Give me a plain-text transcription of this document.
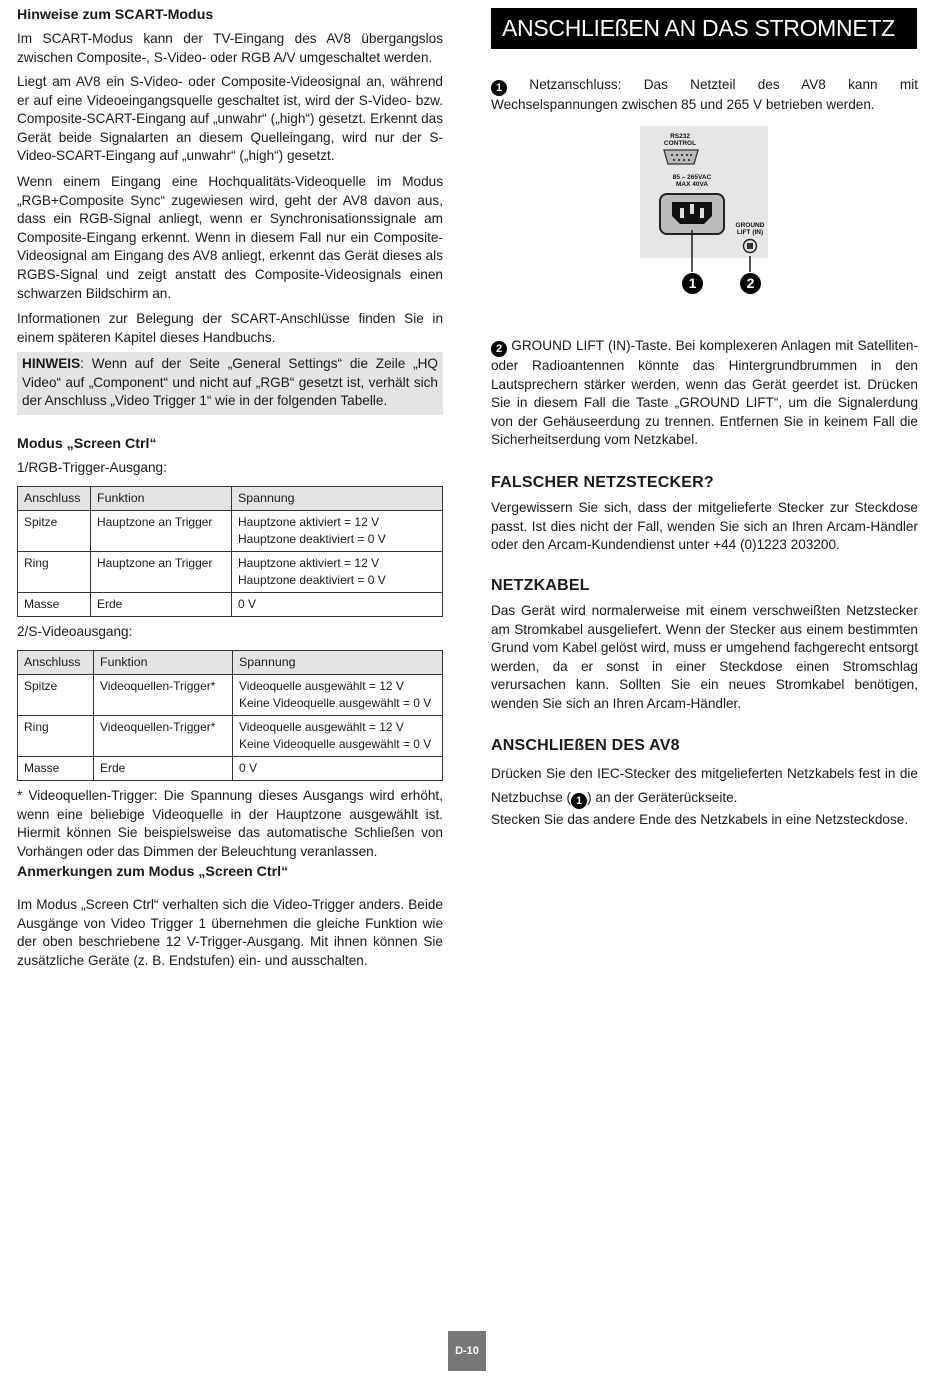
Hinweise zum SCART-Modus

Im SCART-Modus kann der TV-Eingang des AV8 übergangslos zwischen Composite-, S-Video- oder RGB A/V umgeschaltet werden.

Liegt am AV8 ein S-Video- oder Composite-Videosignal an, während er auf eine Videoeingangsquelle geschaltet ist, wird der S-Video- bzw. Composite-SCART-Eingang auf „unwahr“ („high“) gesetzt. Erkennt das Gerät beide Signalarten an diesem Quelleingang, wird nur der S-Video-SCART-Eingang auf „unwahr“ („high“) gesetzt.

Wenn einem Eingang eine Hochqualitäts-Videoquelle im Modus „RGB+Composite Sync“ zugewiesen wird, geht der AV8 davon aus, dass ein RGB-Signal anliegt, wenn er Synchronisationssignale am Composite-Eingang erkennt. Wenn in diesem Fall nur ein Composite-Videosignal am Eingang des AV8 anliegt, erkennt das Gerät dieses als RGBS-Signal und zeigt anstatt des Composite-Videosignals einen schwarzen Bildschirm an.

Informationen zur Belegung der SCART-Anschlüsse finden Sie in einem späteren Kapitel dieses Handbuchs.

HINWEIS: Wenn auf der Seite „General Settings“ die Zeile „HQ Video“ auf „Component“ und nicht auf „RGB“ gesetzt ist, verhält sich der Anschluss „Video Trigger 1“ wie in der folgenden Tabelle.

Modus „Screen Ctrl“

1/RGB-Trigger-Ausgang:

Anschluss	Funktion	Spannung
Spitze	Hauptzone an Trigger	Hauptzone aktiviert = 12 V
Hauptzone deaktiviert = 0 V

Ring	Hauptzone an Trigger	Hauptzone aktiviert = 12 V
Hauptzone deaktiviert = 0 V

Masse	Erde	0 V

2/S-Videoausgang:

Anschluss	Funktion	Spannung
Spitze	Videoquellen-Trigger*	Videoquelle ausgewählt = 12 V
Keine Videoquelle ausgewählt = 0 V

Ring	Videoquellen-Trigger*	Videoquelle ausgewählt = 12 V
Keine Videoquelle ausgewählt = 0 V

Masse	Erde	0 V

* Videoquellen-Trigger: Die Spannung dieses Ausgangs wird erhöht, wenn eine beliebige Videoquelle in der Hauptzone ausgewählt ist. Hiermit können Sie beispielsweise das automatische Schließen von Vorhängen oder das Dimmen der Beleuchtung veranlassen.

Anmerkungen zum Modus „Screen Ctrl“

Im Modus „Screen Ctrl“ verhalten sich die Video-Trigger anders. Beide Ausgänge von Video Trigger 1 übernehmen die gleiche Funktion wie der oben beschriebene 12 V-Trigger-Ausgang. Mit ihnen können Sie zusätzliche Geräte (z. B. Endstufen) ein- und ausschalten.

ANSCHLIEßEN AN DAS STROMNETZ

1 Netzanschluss: Das Netzteil des AV8 kann mit Wechselspannungen zwischen 85 und 265 V betrieben werden.

RS232
CONTROL
85 – 265VAC
MAX 40VA
GROUND
LIFT (IN)
1	2

2 GROUND LIFT (IN)-Taste. Bei komplexeren Anlagen mit Satelliten- oder Radioantennen könnte das Hintergrundbrummen in den Lautsprechern stärker werden, wenn das Gerät geerdet ist. Drücken Sie in diesem Fall die Taste „GROUND LIFT“, um die Signalerdung von der Gehäuseerdung zu trennen. Entfernen Sie in keinem Fall die Sicherheitserdung vom Netzkabel.

FALSCHER NETZSTECKER?

Vergewissern Sie sich, dass der mitgelieferte Stecker zur Steckdose passt. Ist dies nicht der Fall, wenden Sie sich an Ihren Arcam-Händler oder den Arcam-Kundendienst unter +44 (0)1223 203200.

NETZKABEL

Das Gerät wird normalerweise mit einem verschweißten Netzstecker am Stromkabel ausgeliefert. Wenn der Stecker aus einem bestimmten Grund vom Kabel gelöst wird, muss er umgehend fachgerecht entsorgt werden, da er sonst in einer Steckdose einen Stromschlag verursachen kann. Sollten Sie ein neues Stromkabel benötigen, wenden Sie sich an Ihren Arcam-Händler.

ANSCHLIEßEN DES AV8

Drücken Sie den IEC-Stecker des mitgelieferten Netzkabels fest in die Netzbuchse ( 1 ) an der Geräterückseite.

Stecken Sie das andere Ende des Netzkabels in eine Netzsteckdose.

D-10
